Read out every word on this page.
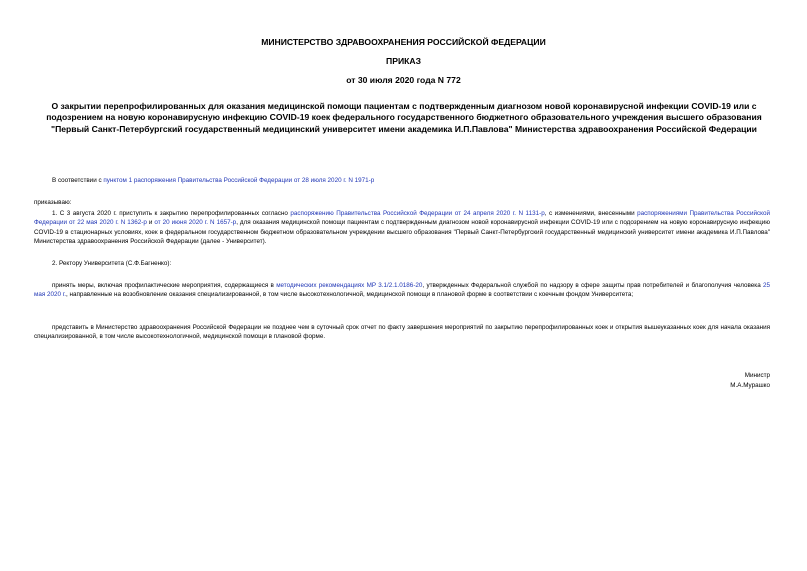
МИНИСТЕРСТВО ЗДРАВООХРАНЕНИЯ РОССИЙСКОЙ ФЕДЕРАЦИИ
ПРИКАЗ
от 30 июля 2020 года N 772
О закрытии перепрофилированных для оказания медицинской помощи пациентам с подтвержденным диагнозом новой коронавирусной инфекции COVID-19 или с подозрением на новую коронавирусную инфекцию COVID-19 коек федерального государственного бюджетного образовательного учреждения высшего образования "Первый Санкт-Петербургский государственный медицинский университет имени академика И.П.Павлова" Министерства здравоохранения Российской Федерации
В соответствии с пунктом 1 распоряжения Правительства Российской Федерации от 28 июля 2020 г. N 1971-р
приказываю:
1. С 3 августа 2020 г. приступить к закрытию перепрофилированных согласно распоряжению Правительства Российской Федерации от 24 апреля 2020 г. N 1131-р, с изменениями, внесенными распоряжениями Правительства Российской Федерации от 22 мая 2020 г. N 1362-р и от 20 июня 2020 г. N 1657-р, для оказания медицинской помощи пациентам с подтвержденным диагнозом новой коронавирусной инфекции COVID-19 или с подозрением на новую коронавирусную инфекцию COVID-19 в стационарных условиях, коек в федеральном государственном бюджетном образовательном учреждении высшего образования "Первый Санкт-Петербургский государственный медицинский университет имени академика И.П.Павлова" Министерства здравоохранения Российской Федерации (далее - Университет).
2. Ректору Университета (С.Ф.Багненко):
принять меры, включая профилактические мероприятия, содержащиеся в методических рекомендациях МР 3.1/2.1.0186-20, утвержденных Федеральной службой по надзору в сфере защиты прав потребителей и благополучия человека 25 мая 2020 г., направленные на возобновление оказания специализированной, в том числе высокотехнологичной, медицинской помощи в плановой форме в соответствии с коечным фондом Университета;
представить в Министерство здравоохранения Российской Федерации не позднее чем в суточный срок отчет по факту завершения мероприятий по закрытию перепрофилированных коек и открытия вышеуказанных коек для начала оказания специализированной, в том числе высокотехнологичной, медицинской помощи в плановой форме.
Министр
М.А.Мурашко
